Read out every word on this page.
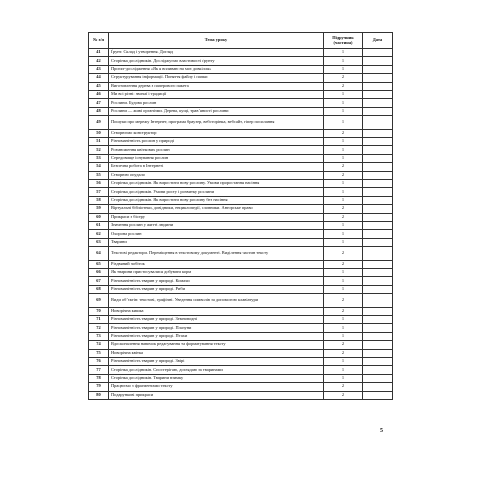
№ з/п	Тема уроку	Підручник (частина)	Дата
41	Ґрунт. Склад і утворення. Догляд	1	
42	Сторінка дослідників. Досліджуємо властивості ґрунту	1	
43	Проєкт-дослідження «Як я впливаю на моє довкілля»	1	
44	Структурування інформації. Поняття файлу і папки	2	
45	Виготовлення дерева з паперового пакета	2	
46	Ми всі різні: звичаї і традиції	1	
47	Рослини. Будова рослин	1	
48	Рослини — живі організми. Дерева, кущі, трав’янисті рослини	1	
49	Пошуки про мережу Інтернет, програма браузер, вебсторінка, вебсайт, гіпер посилання	1	
50	Створюємо конструктор	2	
51	Різноманітність рослин у природі	1	
52	Розмноження квіткових рослин	1	
53	Середовище існування рослин	1	
54	Безпечна робота в Інтернеті	2	
55	Створюю опудало	2	
56	Сторінка дослідників. Як виростити нову рослину. Умови проростання насіння	1	
57	Сторінка дослідників. Умови росту і розвитку рослини	1	
58	Сторінка дослідників. Як виростити нову рослину без насіння	1	
59	Віртуальні бібліотеки, довідники, енциклопедії, словники. Авторське право	2	
60	Прикраси з бісеру	2	
61	Значення рослин у житті людини	1	
62	Охорона рослин	1	
63	Тварини	1	
64	Текстові редактори. Переміщення в текстовому документі. Виділення частин тексту	2	
65	Різдвяний чобіток	2	
66	Як тварини пристосувалися добувати корм	1	
67	Різноманітність тварин у природі. Комахи	1	
68	Різноманітність тварин у природі. Риби	1	
69	Види об’єктів: текстові, графічні. Уведення символів за допомогою клавіатури	2	
70	Новорічна кишка	2	
71	Різноманітність тварин у природі. Земноводні	1	
72	Різноманітність тварин у природі. Плазуни	1	
73	Різноманітність тварин у природі. Птахи	1	
74	Вдосконалення навичок редагування та форматування тексту	2	
75	Новорічна квітка	2	
76	Різноманітність тварин у природі. Звірі	1	
77	Сторінка дослідників. Спостерігаю, доглядаю за тваринами	1	
78	Сторінка дослідників. Тварини взимку	1	
79	Працюємо з фрагментами тексту	2	
80	Подарункові прикраси	2	
5
